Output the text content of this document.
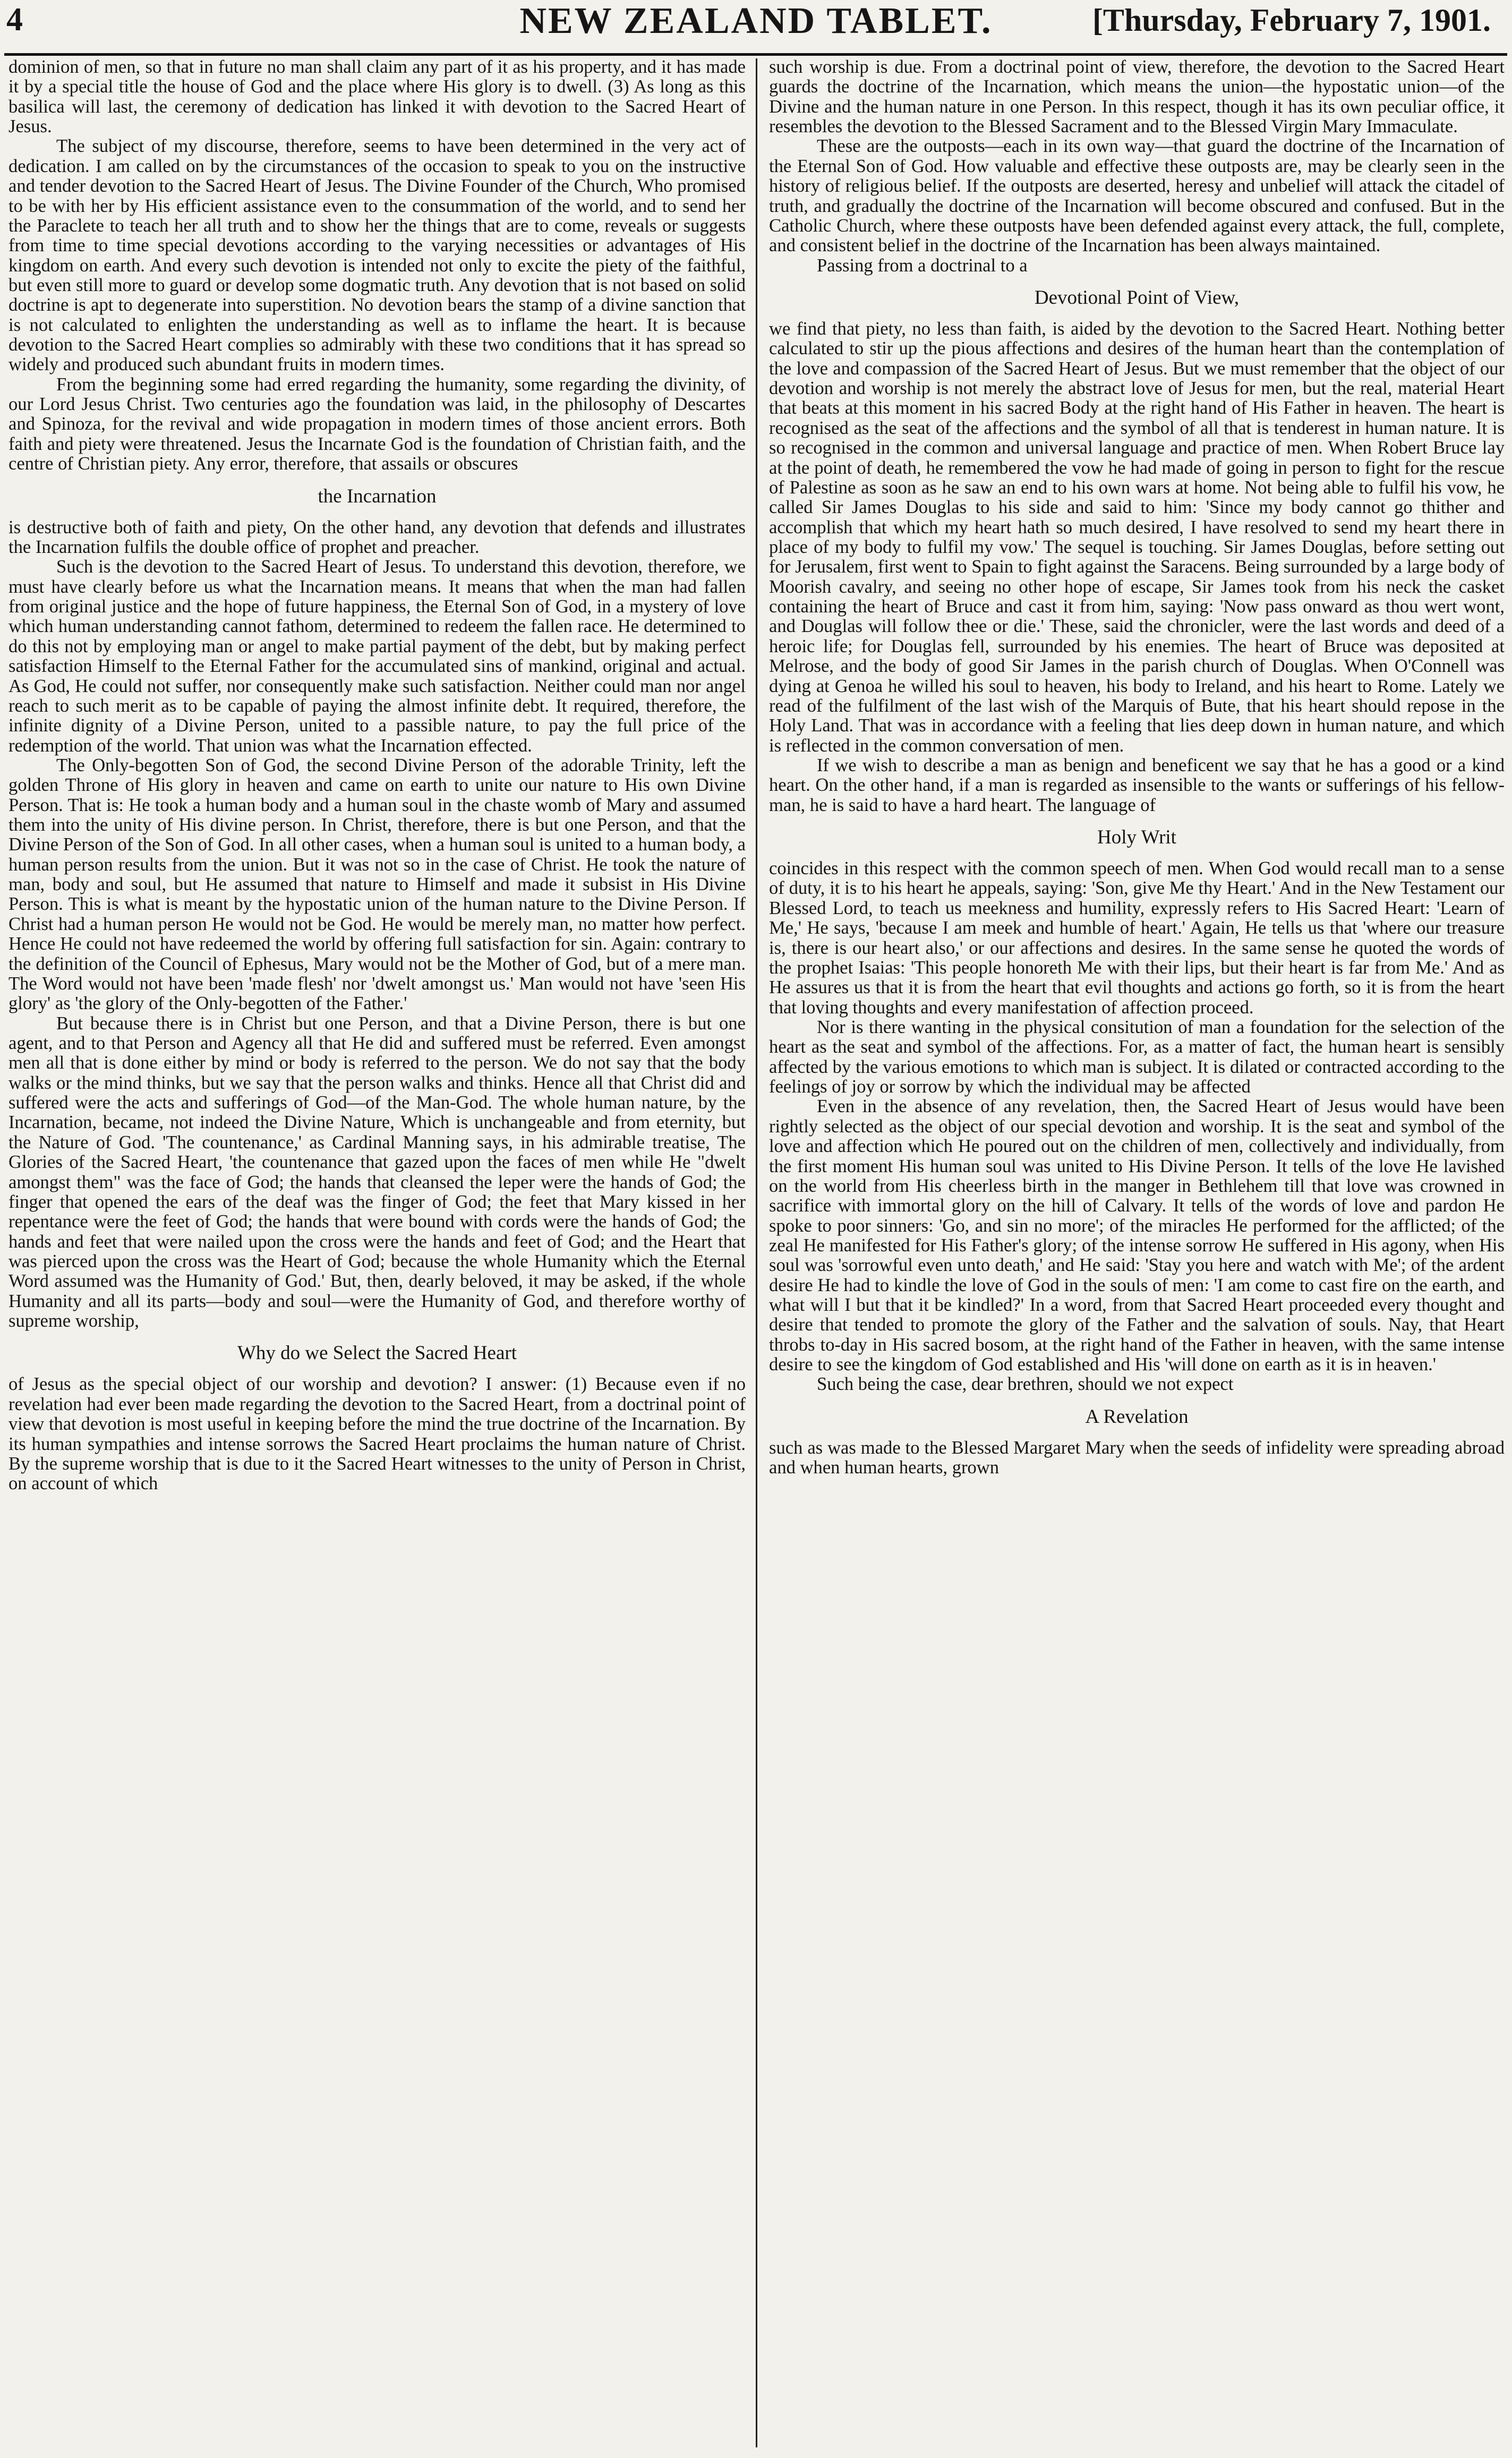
4	NEW ZEALAND TABLET.	[Thursday, February 7, 1901.

dominion of men, so that in future no man shall claim any part of it as his property, and it has made it by a special title the house of God and the place where His glory is to dwell. (3) As long as this basilica will last, the ceremony of dedication has linked it with devotion to the Sacred Heart of Jesus.

The subject of my discourse, therefore, seems to have been determined in the very act of dedication. I am called on by the circumstances of the occasion to speak to you on the instructive and tender devotion to the Sacred Heart of Jesus. The Divine Founder of the Church, Who promised to be with her by His efficient assistance even to the consummation of the world, and to send her the Paraclete to teach her all truth and to show her the things that are to come, reveals or suggests from time to time special devotions according to the varying necessities or advantages of His kingdom on earth. And every such devotion is intended not only to excite the piety of the faithful, but even still more to guard or develop some dogmatic truth. Any devotion that is not based on solid doctrine is apt to degenerate into superstition. No devotion bears the stamp of a divine sanction that is not calculated to enlighten the understanding as well as to inflame the heart. It is because devotion to the Sacred Heart complies so admirably with these two conditions that it has spread so widely and produced such abundant fruits in modern times.

From the beginning some had erred regarding the humanity, some regarding the divinity, of our Lord Jesus Christ. Two centuries ago the foundation was laid, in the philosophy of Descartes and Spinoza, for the revival and wide propagation in modern times of those ancient errors. Both faith and piety were threatened. Jesus the Incarnate God is the foundation of Christian faith, and the centre of Christian piety. Any error, therefore, that assails or obscures

the Incarnation

is destructive both of faith and piety, On the other hand, any devotion that defends and illustrates the Incarnation fulfils the double office of prophet and preacher.

Such is the devotion to the Sacred Heart of Jesus. To understand this devotion, therefore, we must have clearly before us what the Incarnation means. It means that when the man had fallen from original justice and the hope of future happiness, the Eternal Son of God, in a mystery of love which human understanding cannot fathom, determined to redeem the fallen race. He determined to do this not by employing man or angel to make partial payment of the debt, but by making perfect satisfaction Himself to the Eternal Father for the accumulated sins of mankind, original and actual. As God, He could not suffer, nor consequently make such satisfaction. Neither could man nor angel reach to such merit as to be capable of paying the almost infinite debt. It required, therefore, the infinite dignity of a Divine Person, united to a passible nature, to pay the full price of the redemption of the world. That union was what the Incarnation effected.

The Only-begotten Son of God, the second Divine Person of the adorable Trinity, left the golden Throne of His glory in heaven and came on earth to unite our nature to His own Divine Person. That is: He took a human body and a human soul in the chaste womb of Mary and assumed them into the unity of His divine person. In Christ, therefore, there is but one Person, and that the Divine Person of the Son of God. In all other cases, when a human soul is united to a human body, a human person results from the union. But it was not so in the case of Christ. He took the nature of man, body and soul, but He assumed that nature to Himself and made it subsist in His Divine Person. This is what is meant by the hypostatic union of the human nature to the Divine Person. If Christ had a human person He would not be God. He would be merely man, no matter how perfect. Hence He could not have redeemed the world by offering full satisfaction for sin. Again: contrary to the definition of the Council of Ephesus, Mary would not be the Mother of God, but of a mere man. The Word would not have been 'made flesh' nor 'dwelt amongst us.' Man would not have 'seen His glory' as 'the glory of the Only-begotten of the Father.'

But because there is in Christ but one Person, and that a Divine Person, there is but one agent, and to that Person and Agency all that He did and suffered must be referred. Even amongst men all that is done either by mind or body is referred to the person. We do not say that the body walks or the mind thinks, but we say that the person walks and thinks. Hence all that Christ did and suffered were the acts and sufferings of God—of the Man-God. The whole human nature, by the Incarnation, became, not indeed the Divine Nature, Which is unchangeable and from eternity, but the Nature of God. 'The countenance,' as Cardinal Manning says, in his admirable treatise, The Glories of the Sacred Heart, 'the countenance that gazed upon the faces of men while He "dwelt amongst them" was the face of God; the hands that cleansed the leper were the hands of God; the finger that opened the ears of the deaf was the finger of God; the feet that Mary kissed in her repentance were the feet of God; the hands that were bound with cords were the hands of God; the hands and feet that were nailed upon the cross were the hands and feet of God; and the Heart that was pierced upon the cross was the Heart of God; because the whole Humanity which the Eternal Word assumed was the Humanity of God.' But, then, dearly beloved, it may be asked, if the whole Humanity and all its parts—body and soul—were the Humanity of God, and therefore worthy of supreme worship,

Why do we Select the Sacred Heart

of Jesus as the special object of our worship and devotion? I answer: (1) Because even if no revelation had ever been made regarding the devotion to the Sacred Heart, from a doctrinal point of view that devotion is most useful in keeping before the mind the true doctrine of the Incarnation. By its human sympathies and intense sorrows the Sacred Heart proclaims the human nature of Christ. By the supreme worship that is due to it the Sacred Heart witnesses to the unity of Person in Christ, on account of which

such worship is due. From a doctrinal point of view, therefore, the devotion to the Sacred Heart guards the doctrine of the Incarnation, which means the union—the hypostatic union—of the Divine and the human nature in one Person. In this respect, though it has its own peculiar office, it resembles the devotion to the Blessed Sacrament and to the Blessed Virgin Mary Immaculate.

These are the outposts—each in its own way—that guard the doctrine of the Incarnation of the Eternal Son of God. How valuable and effective these outposts are, may be clearly seen in the history of religious belief. If the outposts are deserted, heresy and unbelief will attack the citadel of truth, and gradually the doctrine of the Incarnation will become obscured and confused. But in the Catholic Church, where these outposts have been defended against every attack, the full, complete, and consistent belief in the doctrine of the Incarnation has been always maintained.

Passing from a doctrinal to a

Devotional Point of View,

we find that piety, no less than faith, is aided by the devotion to the Sacred Heart. Nothing better calculated to stir up the pious affections and desires of the human heart than the contemplation of the love and compassion of the Sacred Heart of Jesus. But we must remember that the object of our devotion and worship is not merely the abstract love of Jesus for men, but the real, material Heart that beats at this moment in his sacred Body at the right hand of His Father in heaven. The heart is recognised as the seat of the affections and the symbol of all that is tenderest in human nature. It is so recognised in the common and universal language and practice of men. When Robert Bruce lay at the point of death, he remembered the vow he had made of going in person to fight for the rescue of Palestine as soon as he saw an end to his own wars at home. Not being able to fulfil his vow, he called Sir James Douglas to his side and said to him: 'Since my body cannot go thither and accomplish that which my heart hath so much desired, I have resolved to send my heart there in place of my body to fulfil my vow.' The sequel is touching. Sir James Douglas, before setting out for Jerusalem, first went to Spain to fight against the Saracens. Being surrounded by a large body of Moorish cavalry, and seeing no other hope of escape, Sir James took from his neck the casket containing the heart of Bruce and cast it from him, saying: 'Now pass onward as thou wert wont, and Douglas will follow thee or die.' These, said the chronicler, were the last words and deed of a heroic life; for Douglas fell, surrounded by his enemies. The heart of Bruce was deposited at Melrose, and the body of good Sir James in the parish church of Douglas. When O'Connell was dying at Genoa he willed his soul to heaven, his body to Ireland, and his heart to Rome. Lately we read of the fulfilment of the last wish of the Marquis of Bute, that his heart should repose in the Holy Land. That was in accordance with a feeling that lies deep down in human nature, and which is reflected in the common conversation of men.

If we wish to describe a man as benign and beneficent we say that he has a good or a kind heart. On the other hand, if a man is regarded as insensible to the wants or sufferings of his fellow-man, he is said to have a hard heart. The language of

Holy Writ

coincides in this respect with the common speech of men. When God would recall man to a sense of duty, it is to his heart he appeals, saying: 'Son, give Me thy Heart.' And in the New Testament our Blessed Lord, to teach us meekness and humility, expressly refers to His Sacred Heart: 'Learn of Me,' He says, 'because I am meek and humble of heart.' Again, He tells us that 'where our treasure is, there is our heart also,' or our affections and desires. In the same sense he quoted the words of the prophet Isaias: 'This people honoreth Me with their lips, but their heart is far from Me.' And as He assures us that it is from the heart that evil thoughts and actions go forth, so it is from the heart that loving thoughts and every manifestation of affection proceed.

Nor is there wanting in the physical consitution of man a foundation for the selection of the heart as the seat and symbol of the affections. For, as a matter of fact, the human heart is sensibly affected by the various emotions to which man is subject. It is dilated or contracted according to the feelings of joy or sorrow by which the individual may be affected

Even in the absence of any revelation, then, the Sacred Heart of Jesus would have been rightly selected as the object of our special devotion and worship. It is the seat and symbol of the love and affection which He poured out on the children of men, collectively and individually, from the first moment His human soul was united to His Divine Person. It tells of the love He lavished on the world from His cheerless birth in the manger in Bethlehem till that love was crowned in sacrifice with immortal glory on the hill of Calvary. It tells of the words of love and pardon He spoke to poor sinners: 'Go, and sin no more'; of the miracles He performed for the afflicted; of the zeal He manifested for His Father's glory; of the intense sorrow He suffered in His agony, when His soul was 'sorrowful even unto death,' and He said: 'Stay you here and watch with Me'; of the ardent desire He had to kindle the love of God in the souls of men: 'I am come to cast fire on the earth, and what will I but that it be kindled?' In a word, from that Sacred Heart proceeded every thought and desire that tended to promote the glory of the Father and the salvation of souls. Nay, that Heart throbs to-day in His sacred bosom, at the right hand of the Father in heaven, with the same intense desire to see the kingdom of God established and His 'will done on earth as it is in heaven.'

Such being the case, dear brethren, should we not expect

A Revelation

such as was made to the Blessed Margaret Mary when the seeds of infidelity were spreading abroad and when human hearts, grown
